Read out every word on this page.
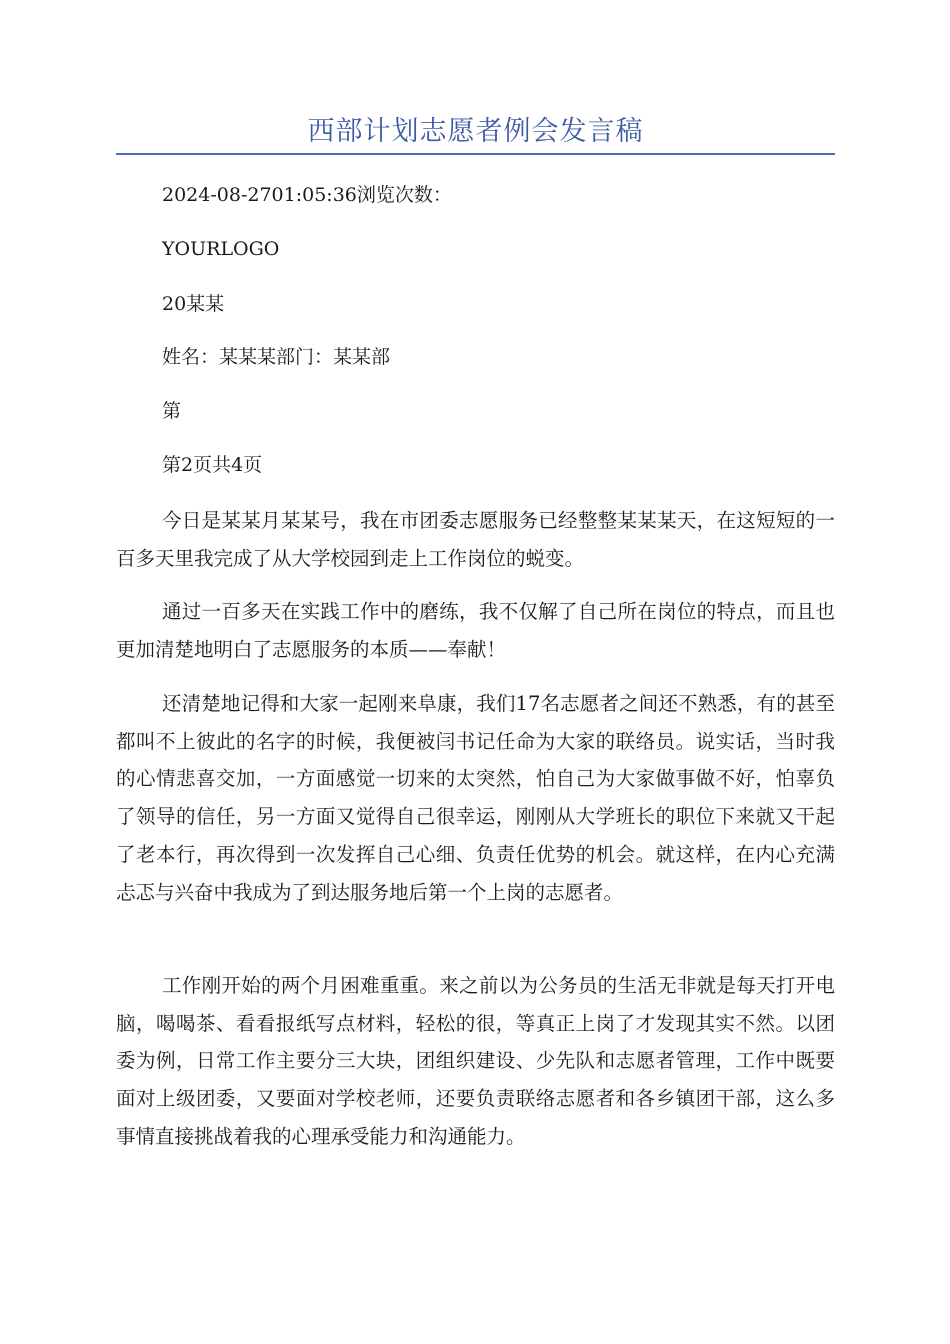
西部计划志愿者例会发言稿

2024-08-2701:05:36浏览次数：

YOURLOGO

20某某

姓名：某某某部门：某某部

第

第2页共4页

今日是某某月某某号，我在市团委志愿服务已经整整某某某天，在这短短的一百多天里我完成了从大学校园到走上工作岗位的蜕变。

通过一百多天在实践工作中的磨练，我不仅解了自己所在岗位的特点，而且也更加清楚地明白了志愿服务的本质——奉献！

还清楚地记得和大家一起刚来阜康，我们17名志愿者之间还不熟悉，有的甚至都叫不上彼此的名字的时候，我便被闫书记任命为大家的联络员。说实话，当时我的心情悲喜交加，一方面感觉一切来的太突然，怕自己为大家做事做不好，怕辜负了领导的信任，另一方面又觉得自己很幸运，刚刚从大学班长的职位下来就又干起了老本行，再次得到一次发挥自己心细、负责任优势的机会。就这样，在内心充满忐忑与兴奋中我成为了到达服务地后第一个上岗的志愿者。

工作刚开始的两个月困难重重。来之前以为公务员的生活无非就是每天打开电脑，喝喝茶、看看报纸写点材料，轻松的很，等真正上岗了才发现其实不然。以团委为例，日常工作主要分三大块，团组织建设、少先队和志愿者管理，工作中既要面对上级团委，又要面对学校老师，还要负责联络志愿者和各乡镇团干部，这么多事情直接挑战着我的心理承受能力和沟通能力。
